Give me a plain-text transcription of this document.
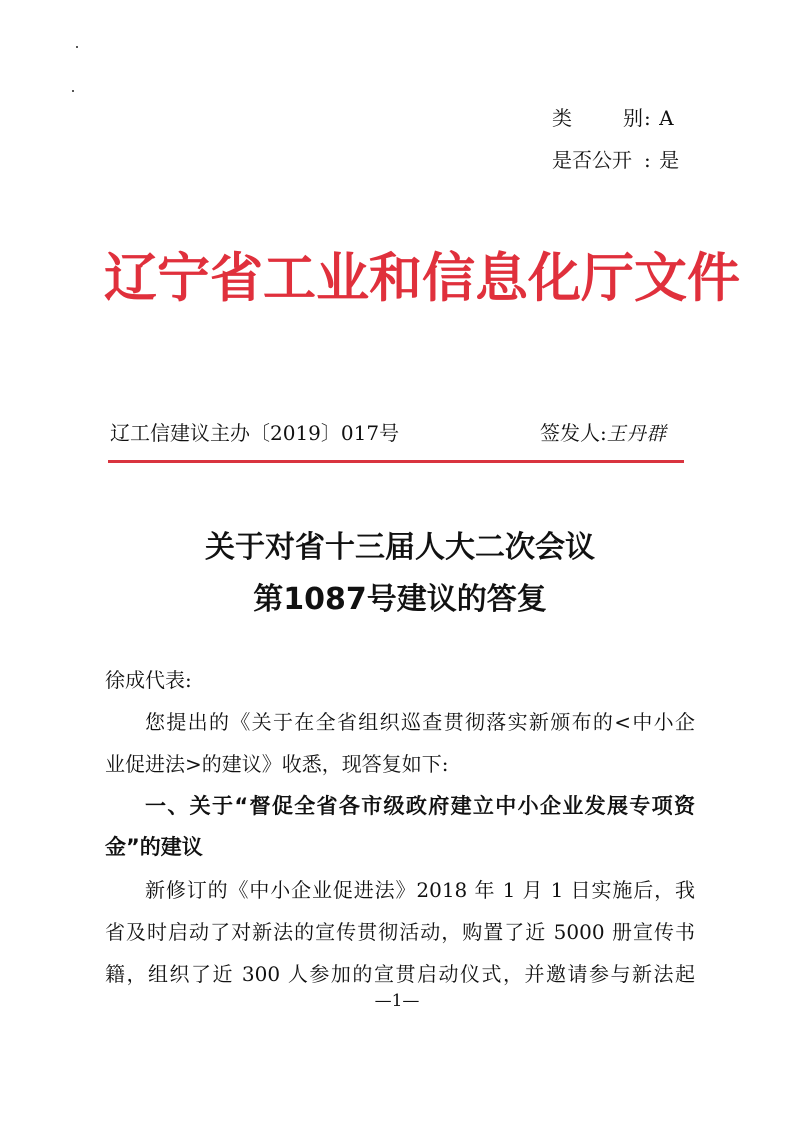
类 别: A
是否公开 : 是
辽宁省工业和信息化厅文件
辽工信建议主办〔2019〕017号	签发人:王丹群
关于对省十三届人大二次会议
第1087号建议的答复
徐成代表:
您提出的《关于在全省组织巡查贯彻落实新颁布的<中小企
业促进法>的建议》收悉，现答复如下:
一、关于“督促全省各市级政府建立中小企业发展专项资
金”的建议
新修订的《中小企业促进法》2018 年 1 月 1 日实施后，我
省及时启动了对新法的宣传贯彻活动，购置了近 5000 册宣传书
籍，组织了近 300 人参加的宣贯启动仪式，并邀请参与新法起
—1—
